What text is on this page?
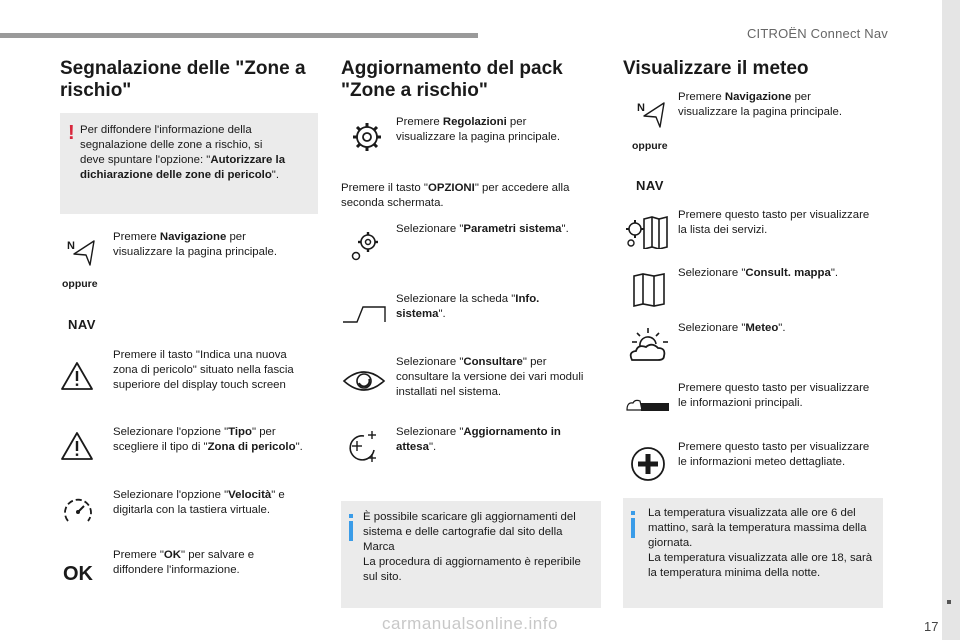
CITROËN Connect Nav
17
Segnalazione delle "Zone a
rischio"
! Per diffondere l'informazione della
segnalazione delle zone a rischio, si
deve spuntare l'opzione: "Autorizzare la
dichiarazione delle zone di pericolo".
N
oppure
NAV
Premere Navigazione per
visualizzare la pagina principale.
Premere il tasto "Indica una nuova
zona di pericolo" situato nella fascia
superiore del display touch screen
Selezionare l'opzione "Tipo" per
scegliere il tipo di "Zona di pericolo".
Selezionare l'opzione "Velocità" e
digitarla con la tastiera virtuale.
OK
Premere "OK" per salvare e
diffondere l'informazione.
Aggiornamento del pack
"Zone a rischio"
Premere Regolazioni per
visualizzare la pagina principale.
Premere il tasto "OPZIONI" per accedere alla
seconda schermata.
Selezionare "Parametri sistema".
Selezionare la scheda "Info.
sistema".
Selezionare "Consultare" per
consultare la versione dei vari moduli
installati nel sistema.
Selezionare "Aggiornamento in
attesa".
È possibile scaricare gli aggiornamenti del
sistema e delle cartografie dal sito della
Marca
La procedura di aggiornamento è reperibile
sul sito.
Visualizzare il meteo
N
oppure
NAV
Premere Navigazione per
visualizzare la pagina principale.
Premere questo tasto per visualizzare
la lista dei servizi.
Selezionare "Consult. mappa".
Selezionare "Meteo".
Premere questo tasto per visualizzare
le informazioni principali.
Premere questo tasto per visualizzare
le informazioni meteo dettagliate.
La temperatura visualizzata alle ore 6 del
mattino, sarà la temperatura massima della
giornata.
La temperatura visualizzata alle ore 18, sarà
la temperatura minima della notte.
carmanualsonline.info
